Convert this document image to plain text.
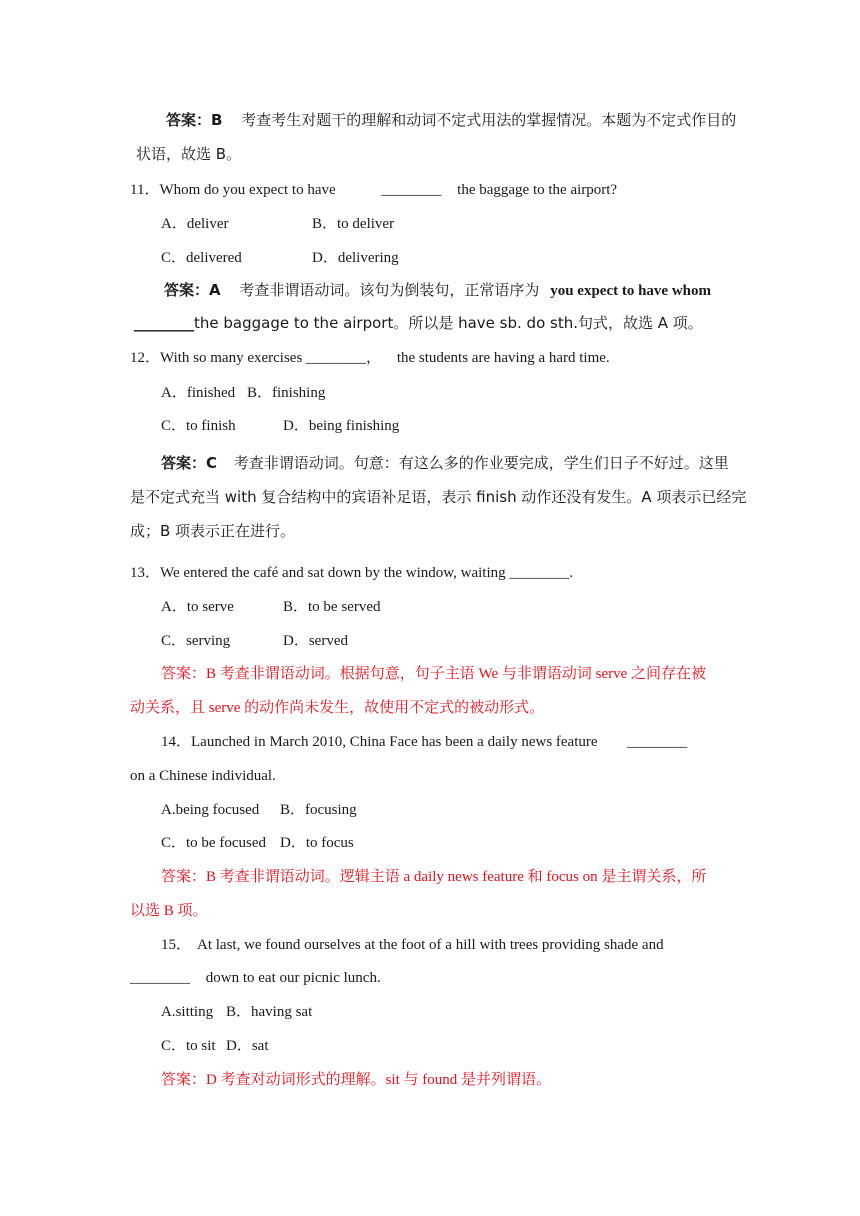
答案：B 考查考生对题干的理解和动词不定式用法的掌握情况。本题为不定式作目的
状语，故选 B。
11．Whom do you expect to have	________ the baggage to the airport?
A．deliver	B．to deliver
C．delivered	D．delivering
答案：A 考查非谓语动词。该句为倒装句，正常语序为 you expect to have whom
________the baggage to the airport。所以是 have sb. do sth.句式，故选 A 项。
12．With so many exercises ________， the students are having a hard time.
A．finished B．finishing
C．to finish	D．being finishing
答案：C 考查非谓语动词。句意：有这么多的作业要完成，学生们日子不好过。这里
是不定式充当 with 复合结构中的宾语补足语，表示 finish 动作还没有发生。A 项表示已经完
成；B 项表示正在进行。
13．We entered the café and sat down by the window, waiting ________.
A．to serve	B．to be served
C．serving	D．served
答案：B 考查非谓语动词。根据句意，句子主语 We 与非谓语动词 serve 之间存在被
动关系，且 serve 的动作尚未发生，故使用不定式的被动形式。
14．Launched in March 2010, China Face has been a daily news feature ________
on a Chinese individual.
A.being focused B．focusing
C．to be focused D．to focus
答案：B 考查非谓语动词。逻辑主语 a daily news feature 和 focus on 是主谓关系，所
以选 B 项。
15． At last, we found ourselves at the foot of a hill with trees providing shade and
________ down to eat our picnic lunch.
A.sitting B．having sat
C．to sit D．sat
答案：D 考查对动词形式的理解。sit 与 found 是并列谓语。
